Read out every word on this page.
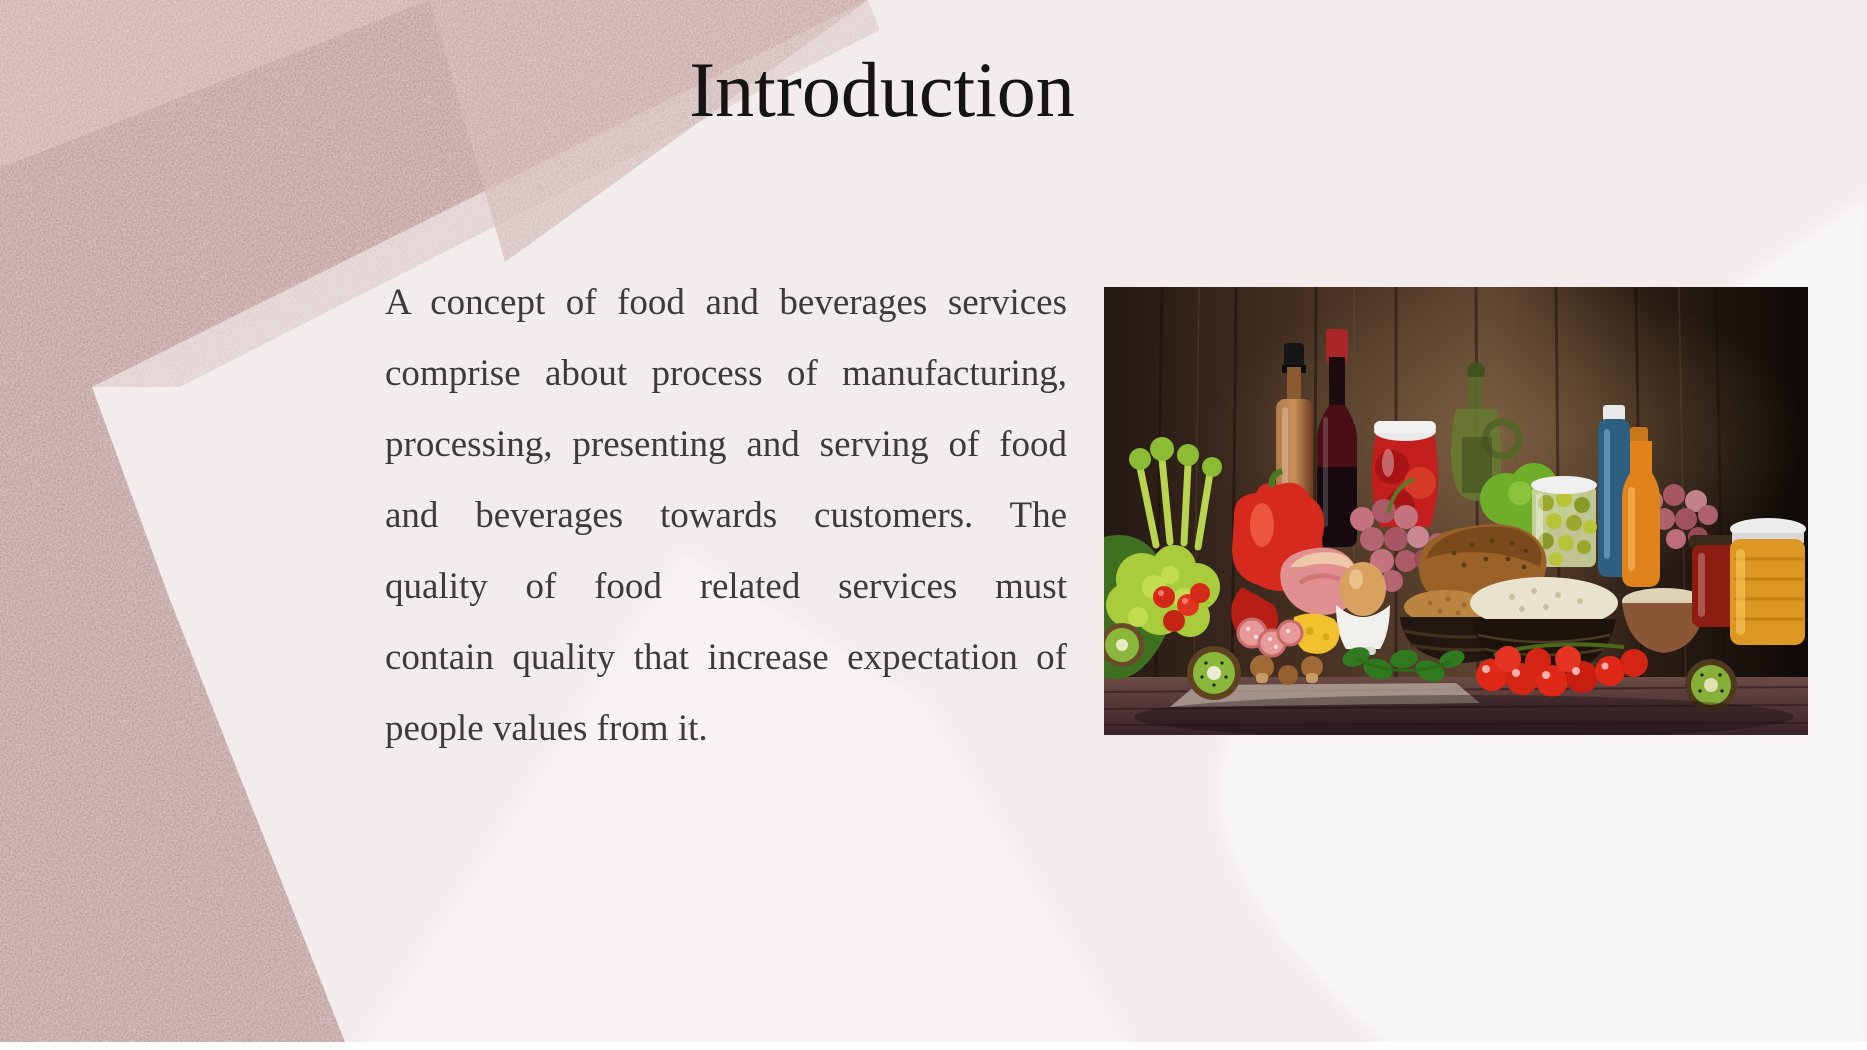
Introduction
A concept of food and beverages services
comprise about process of manufacturing,
processing, presenting and serving of food
and beverages towards customers. The
quality of food related services must
contain quality that increase expectation of
people values from it.
